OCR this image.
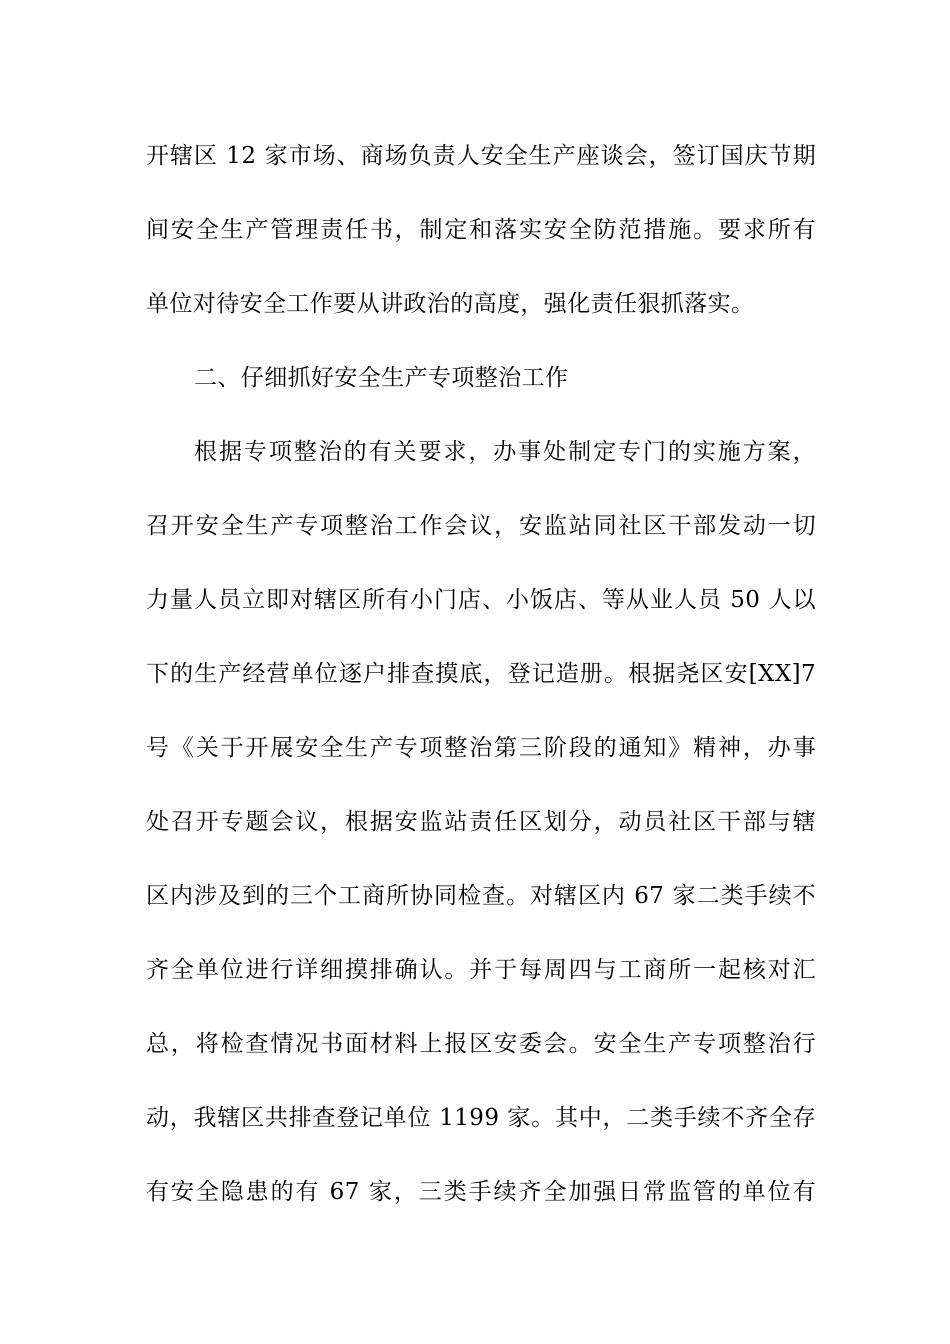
开辖区 12 家市场、商场负责人安全生产座谈会，签订国庆节期
间安全生产管理责任书，制定和落实安全防范措施。要求所有
单位对待安全工作要从讲政治的高度，强化责任狠抓落实。
二、仔细抓好安全生产专项整治工作
根据专项整治的有关要求，办事处制定专门的实施方案，
召开安全生产专项整治工作会议，安监站同社区干部发动一切
力量人员立即对辖区所有小门店、小饭店、等从业人员 50 人以
下的生产经营单位逐户排查摸底，登记造册。根据尧区安[XX]7
号《关于开展安全生产专项整治第三阶段的通知》精神，办事
处召开专题会议，根据安监站责任区划分，动员社区干部与辖
区内涉及到的三个工商所协同检查。对辖区内 67 家二类手续不
齐全单位进行详细摸排确认。并于每周四与工商所一起核对汇
总，将检查情况书面材料上报区安委会。安全生产专项整治行
动，我辖区共排查登记单位 1199 家。其中，二类手续不齐全存
有安全隐患的有 67 家，三类手续齐全加强日常监管的单位有
